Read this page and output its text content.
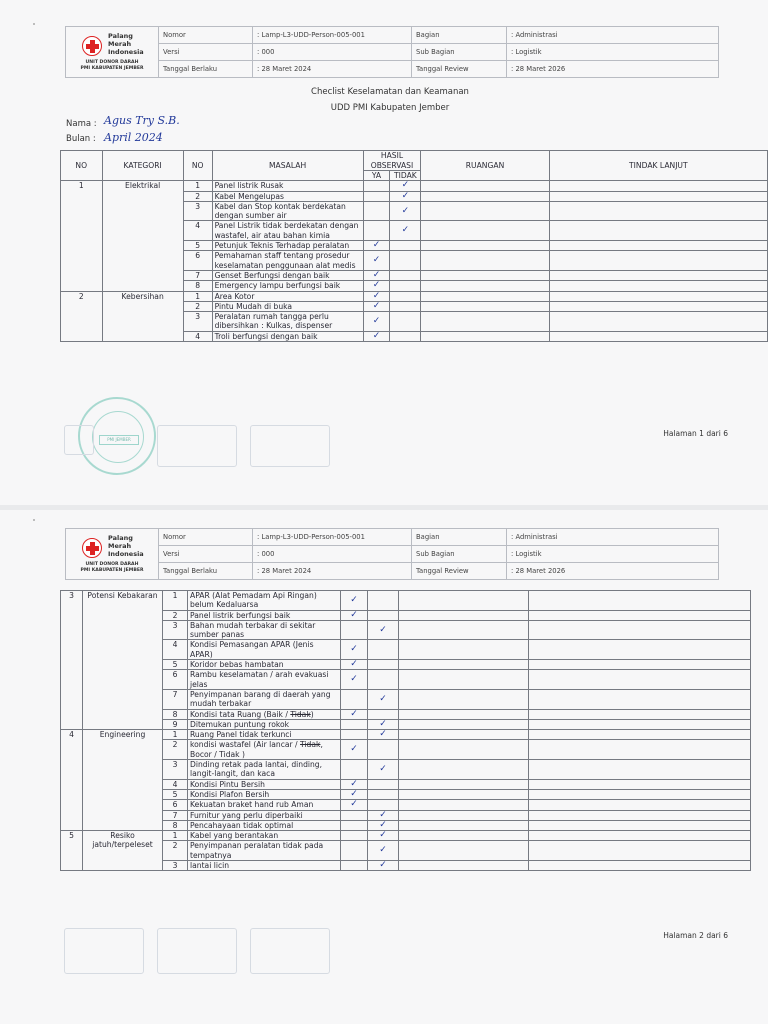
Palang
Merah
Indonesia
UNIT DONOR DARAH
PMI KABUPATEN JEMBER	Nomor	: Lamp-L3-UDD-Person-005-001	Bagian	: Administrasi
	Versi	: 000	Sub Bagian	: Logistik
	Tanggal Berlaku	: 28 Maret 2024	Tanggal Review	: 28 Maret 2026
Checlist Keselamatan dan Keamanan
UDD PMI Kabupaten Jember
Nama : Agus Try S.B.
Bulan : April 2024
NO	KATEGORI	NO	MASALAH	HASIL OBSERVASI		RUANGAN	TINDAK LANJUT
				YA	TIDAK		
1	Elektrikal	1	Panel listrik Rusak		✓		
		2	Kabel Mengelupas		✓		
		3	Kabel dan Stop kontak berdekatan dengan sumber air		✓		
		4	Panel Listrik tidak berdekatan dengan wastafel, air atau bahan kimia		✓		
		5	Petunjuk Teknis Terhadap peralatan	✓			
		6	Pemahaman staff tentang prosedur keselamatan penggunaan alat medis	✓			
		7	Genset Berfungsi dengan baik	✓			
		8	Emergency lampu berfungsi baik	✓			
2	Kebersihan	1	Area Kotor	✓			
		2	Pintu Mudah di buka	✓			
		3	Peralatan rumah tangga perlu dibersihkan : Kulkas, dispenser	✓			
		4	Troli berfungsi dengan baik	✓			
PMI JEMBER
Halaman 1 dari 6
Palang
Merah
Indonesia
UNIT DONOR DARAH
PMI KABUPATEN JEMBER	Nomor	: Lamp-L3-UDD-Person-005-001	Bagian	: Administrasi
	Versi	: 000	Sub Bagian	: Logistik
	Tanggal Berlaku	: 28 Maret 2024	Tanggal Review	: 28 Maret 2026
3	Potensi Kebakaran	1	APAR (Alat Pemadam Api Ringan) belum Kedaluarsa	✓			
		2	Panel listrik berfungsi baik	✓			
		3	Bahan mudah terbakar di sekitar sumber panas		✓		
		4	Kondisi Pemasangan APAR (Jenis APAR)	✓			
		5	Koridor bebas hambatan	✓			
		6	Rambu keselamatan / arah evakuasi jelas	✓			
		7	Penyimpanan barang di daerah yang mudah terbakar		✓		
		8	Kondisi tata Ruang (Baik / Tidak)	✓			
		9	Ditemukan puntung rokok		✓		
4	Engineering	1	Ruang Panel tidak terkunci		✓		
		2	kondisi wastafel (Air lancar / Tidak, Bocor / Tidak )	✓			
		3	Dinding retak pada lantai, dinding, langit-langit, dan kaca		✓		
		4	Kondisi Pintu Bersih	✓			
		5	Kondisi Plafon Bersih	✓			
		6	Kekuatan braket hand rub Aman	✓			
		7	Furnitur yang perlu diperbaiki		✓		
		8	Pencahayaan tidak optimal		✓		
5	Resiko jatuh/terpeleset	1	Kabel yang berantakan		✓		
		2	Penyimpanan peralatan tidak pada tempatnya		✓		
		3	lantai licin		✓		
Halaman 2 dari 6
